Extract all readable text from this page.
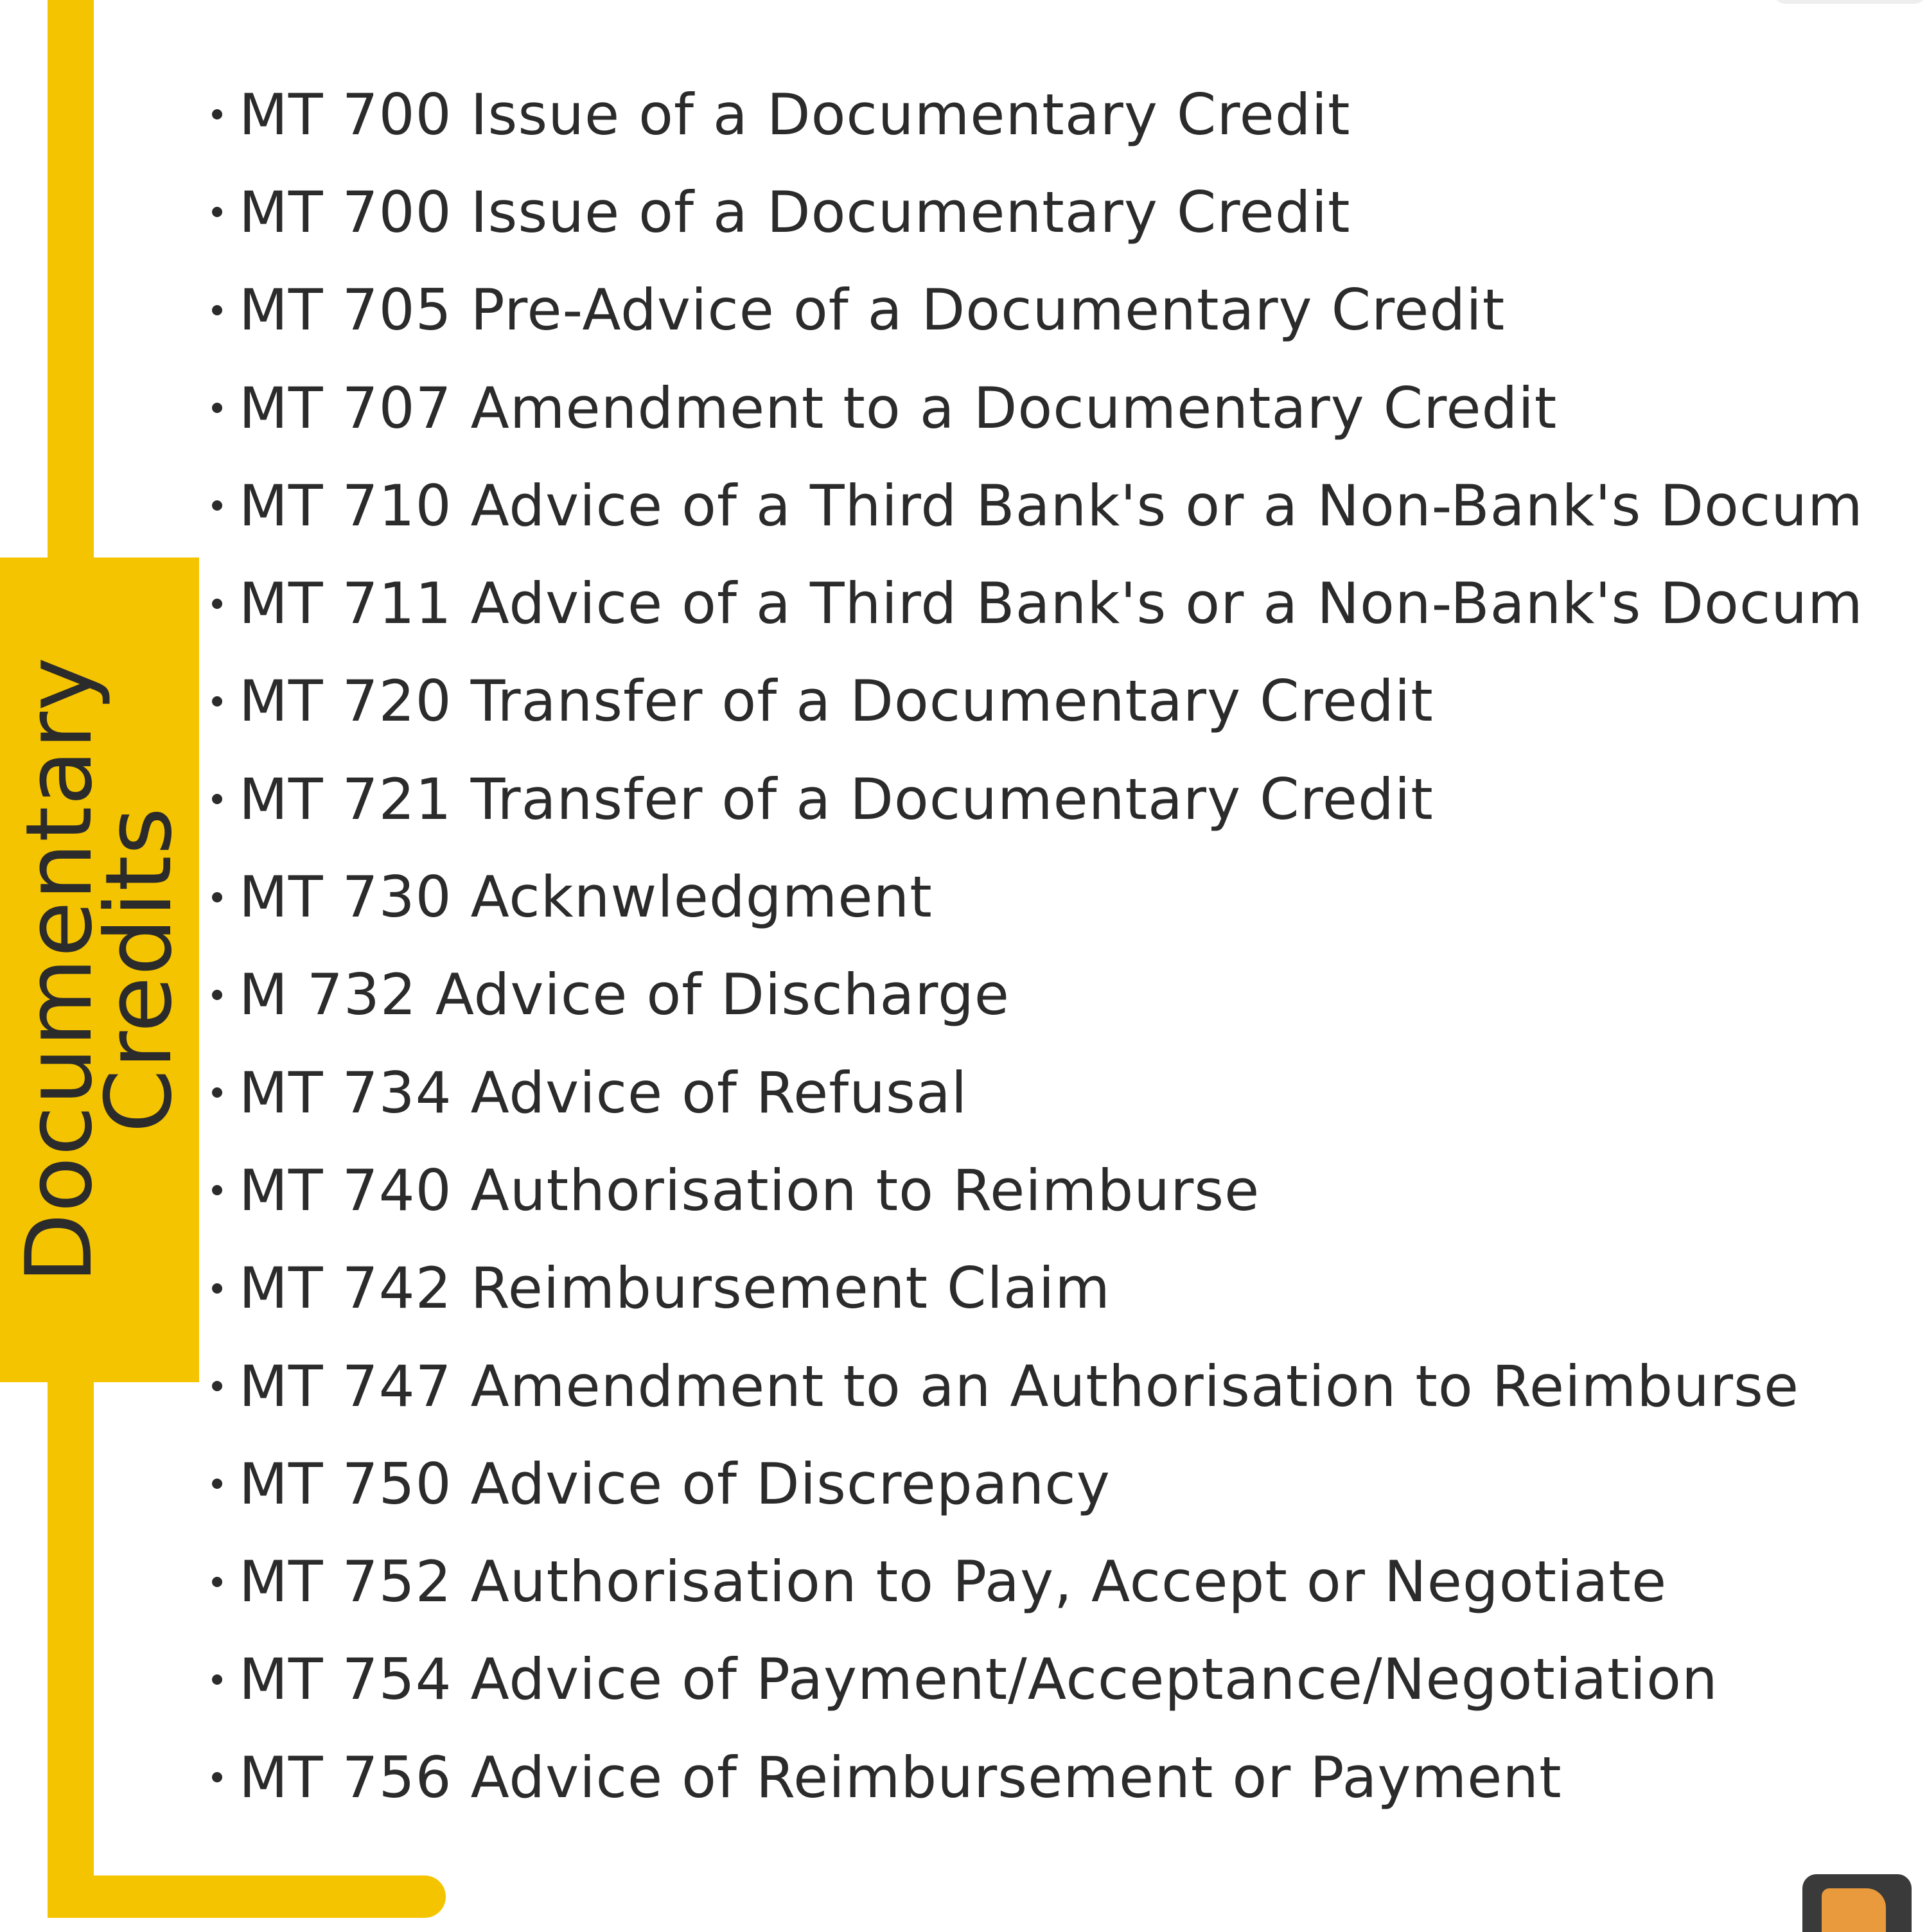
Documentary
Credits
MT 700 Issue of a Documentary Credit
MT 700 Issue of a Documentary Credit
MT 705 Pre-Advice of a Documentary Credit
MT 707 Amendment to a Documentary Credit
MT 710 Advice of a Third Bank's or a Non-Bank's Docum
MT 711 Advice of a Third Bank's or a Non-Bank's Docum
MT 720 Transfer of a Documentary Credit
MT 721 Transfer of a Documentary Credit
MT 730 Acknwledgment
M 732 Advice of Discharge
MT 734 Advice of Refusal
MT 740 Authorisation to Reimburse
MT 742 Reimbursement Claim
MT 747 Amendment to an Authorisation to Reimburse
MT 750 Advice of Discrepancy
MT 752 Authorisation to Pay, Accept or Negotiate
MT 754 Advice of Payment/Acceptance/Negotiation
MT 756 Advice of Reimbursement or Payment
